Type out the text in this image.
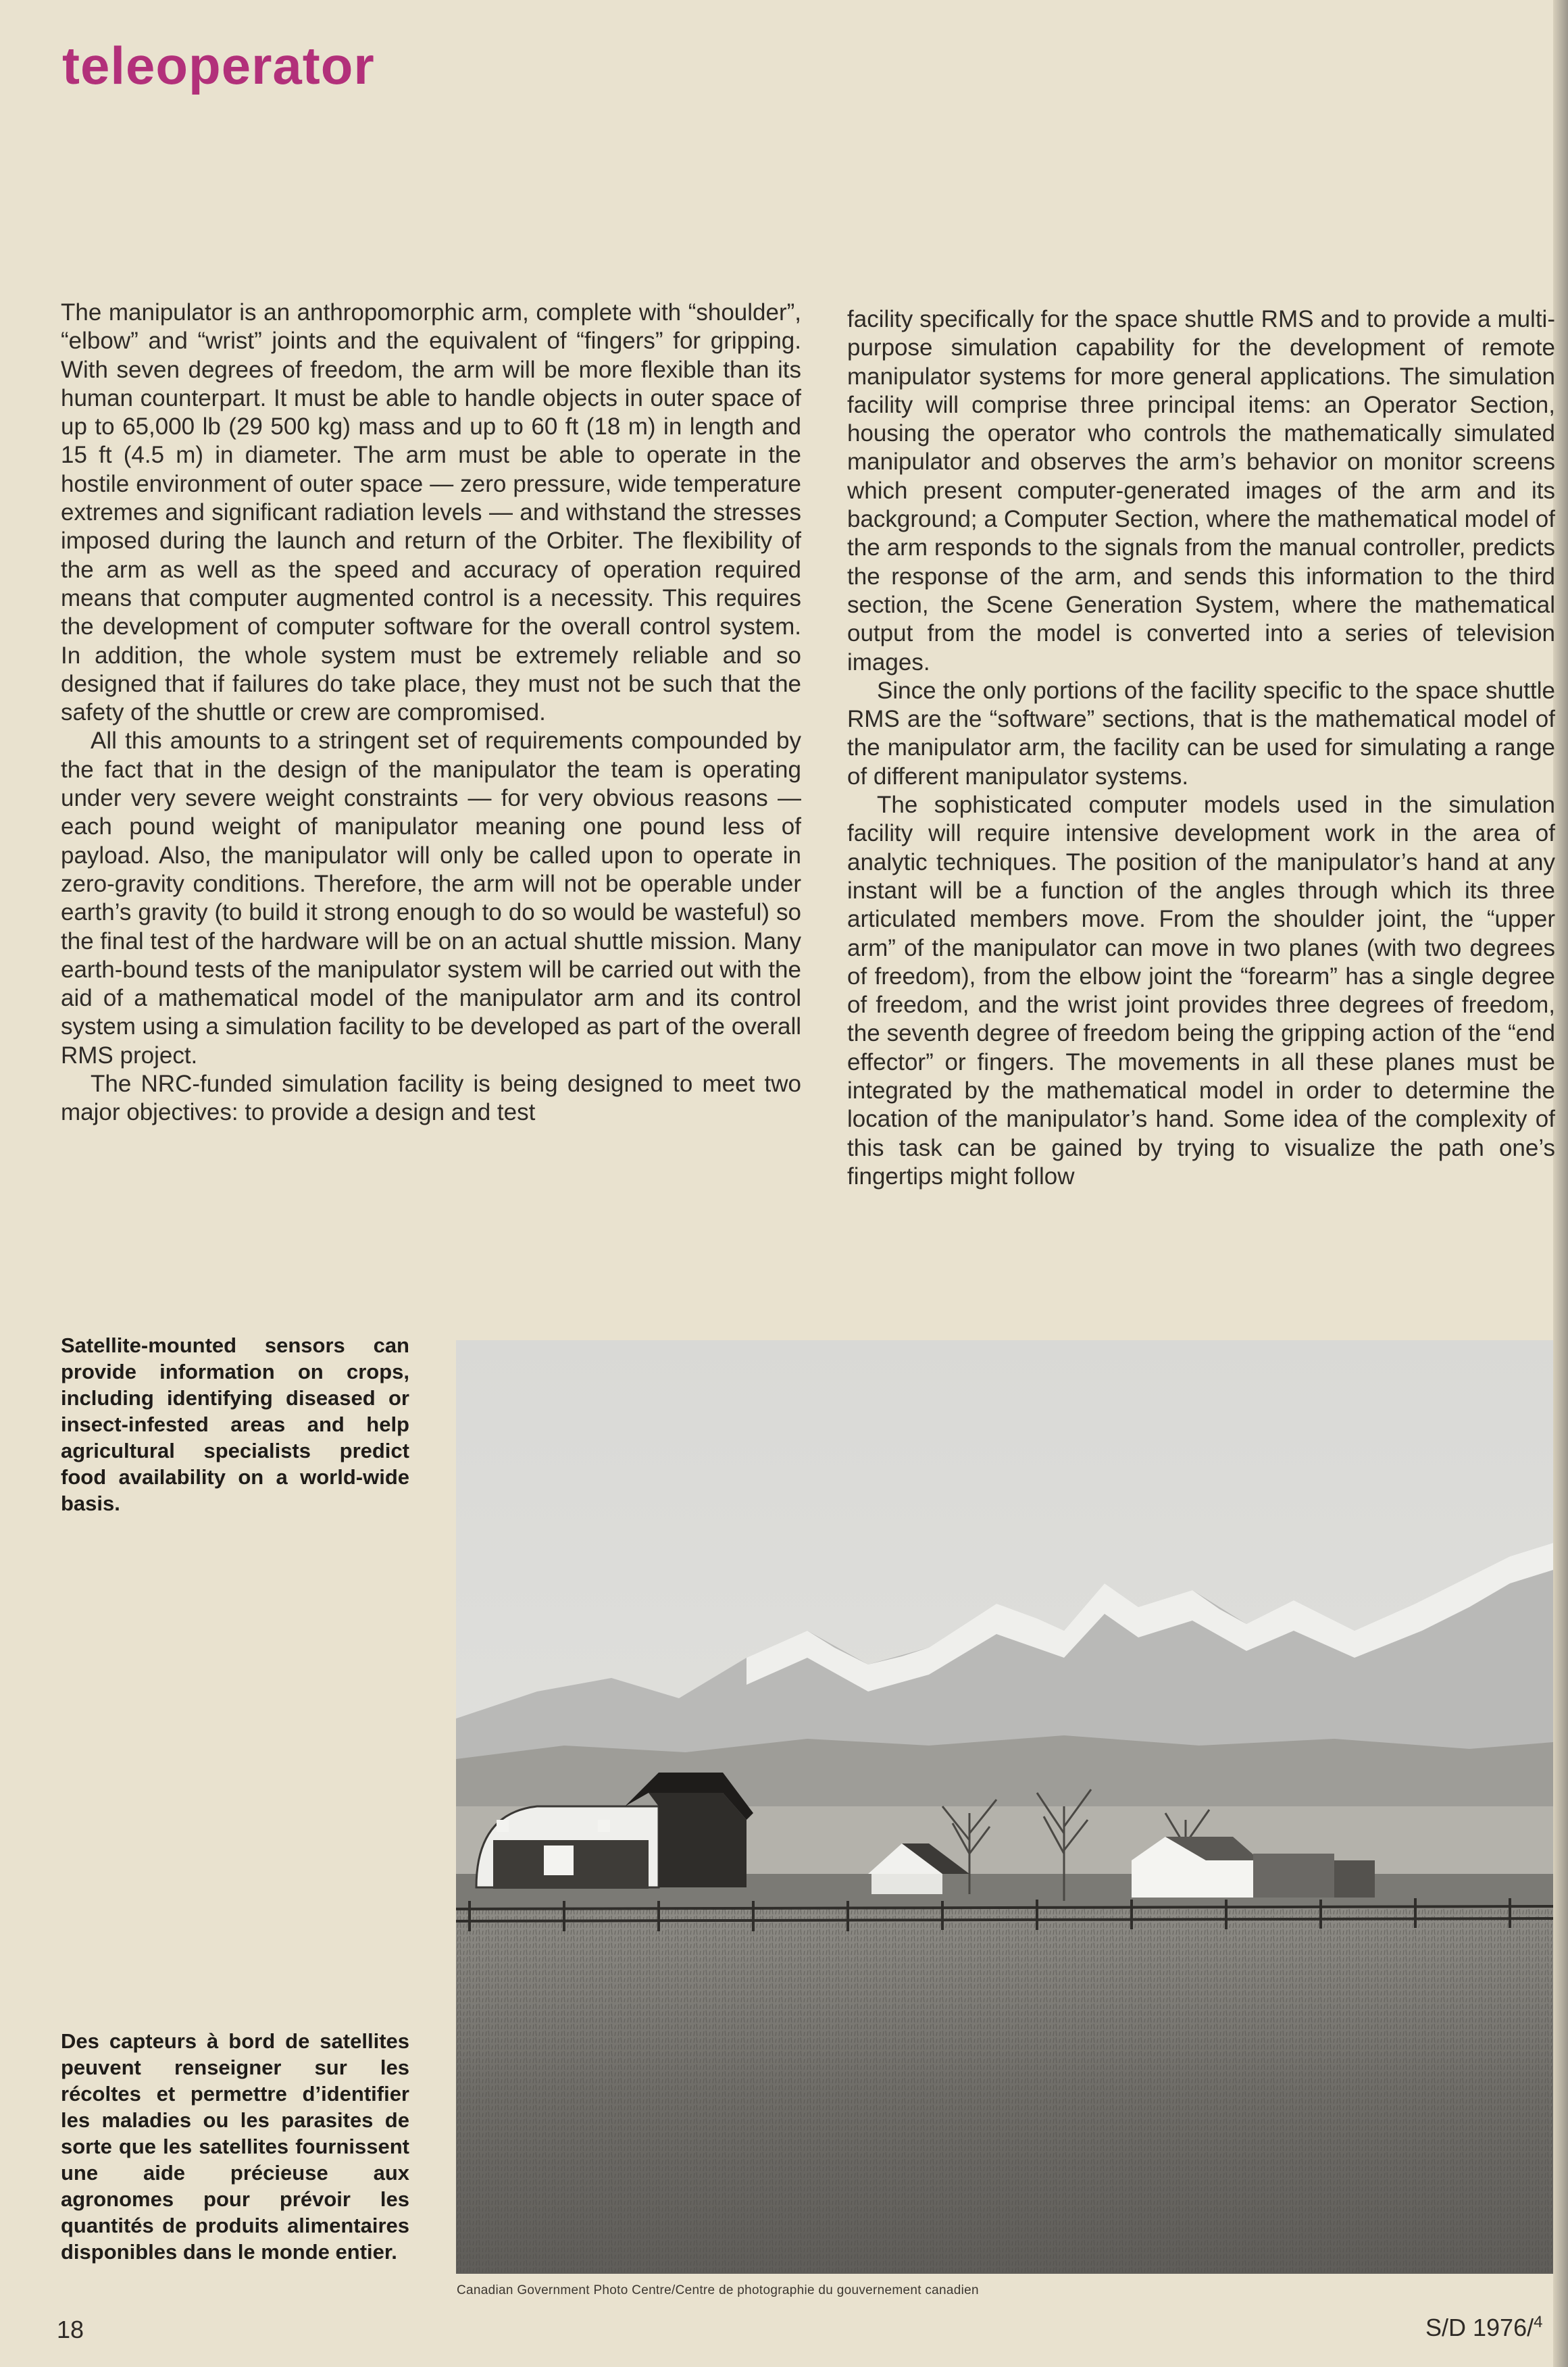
teleoperator

The manipulator is an anthropomorphic arm, complete with “shoulder”, “elbow” and “wrist” joints and the equivalent of “fingers” for gripping. With seven degrees of freedom, the arm will be more flexible than its human counterpart. It must be able to handle objects in outer space of up to 65,000 lb (29 500 kg) mass and up to 60 ft (18 m) in length and 15 ft (4.5 m) in diameter. The arm must be able to operate in the hostile environment of outer space — zero pressure, wide temperature extremes and significant radiation levels — and withstand the stresses imposed during the launch and return of the Orbiter. The flexibility of the arm as well as the speed and accuracy of operation required means that computer augmented control is a necessity. This requires the development of computer software for the overall control system. In addition, the whole system must be extremely reliable and so designed that if failures do take place, they must not be such that the safety of the shuttle or crew are compromised.

All this amounts to a stringent set of requirements compounded by the fact that in the design of the manipulator the team is operating under very severe weight constraints — for very obvious reasons — each pound weight of manipulator meaning one pound less of payload. Also, the manipulator will only be called upon to operate in zero-gravity conditions. Therefore, the arm will not be operable under earth’s gravity (to build it strong enough to do so would be wasteful) so the final test of the hardware will be on an actual shuttle mission. Many earth-bound tests of the manipulator system will be carried out with the aid of a mathematical model of the manipulator arm and its control system using a simulation facility to be developed as part of the overall RMS project.

The NRC-funded simulation facility is being designed to meet two major objectives: to provide a design and test

facility specifically for the space shuttle RMS and to provide a multi-purpose simulation capability for the development of remote manipulator systems for more general applications. The simulation facility will comprise three principal items: an Operator Section, housing the operator who controls the mathematically simulated manipulator and observes the arm’s behavior on monitor screens which present computer-generated images of the arm and its background; a Computer Section, where the mathematical model of the arm responds to the signals from the manual controller, predicts the response of the arm, and sends this information to the third section, the Scene Generation System, where the mathematical output from the model is converted into a series of television images.

Since the only portions of the facility specific to the space shuttle RMS are the “software” sections, that is the mathematical model of the manipulator arm, the facility can be used for simulating a range of different manipulator systems.

The sophisticated computer models used in the simulation facility will require intensive development work in the area of analytic techniques. The position of the manipulator’s hand at any instant will be a function of the angles through which its three articulated members move. From the shoulder joint, the “upper arm” of the manipulator can move in two planes (with two degrees of freedom), from the elbow joint the “forearm” has a single degree of freedom, and the wrist joint provides three degrees of freedom, the seventh degree of freedom being the gripping action of the “end effector” or fingers. The movements in all these planes must be integrated by the mathematical model in order to determine the location of the manipulator’s hand. Some idea of the complexity of this task can be gained by trying to visualize the path one’s fingertips might follow

Satellite-mounted sensors can provide information on crops, including identifying diseased or insect-infested areas and help agricultural specialists predict food availability on a world-wide basis.

Des capteurs à bord de satellites peuvent renseigner sur les récoltes et permettre d’identifier les maladies ou les parasites de sorte que les satellites fournissent une aide précieuse aux agronomes pour prévoir les quantités de produits alimentaires disponibles dans le monde entier.

Canadian Government Photo Centre/Centre de photographie du gouvernement canadien

18	S/D 1976/$^4$
